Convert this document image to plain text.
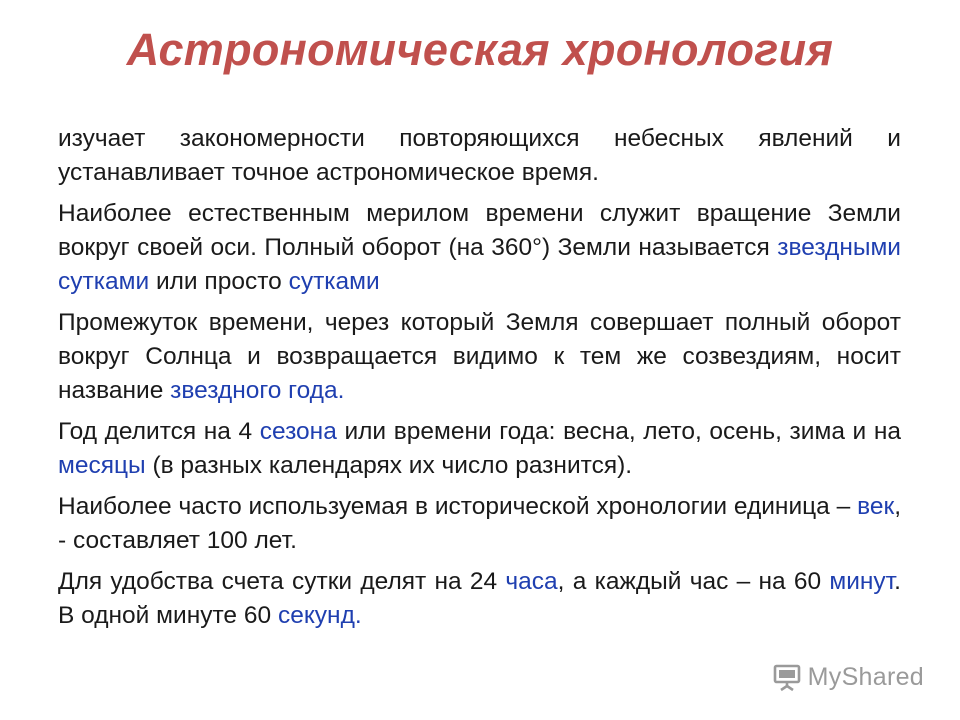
Астрономическая хронология

изучает закономерности повторяющихся небесных явлений и устанавливает точное астрономическое время.

Наиболее естественным мерилом времени служит вращение Земли вокруг своей оси. Полный оборот (на 360°) Земли называется звездными сутками или просто сутками

Промежуток времени, через который Земля совершает полный оборот вокруг Солнца и возвращается видимо к тем же созвездиям, носит название звездного года.

Год делится на 4 сезона или времени года: весна, лето, осень, зима и на месяцы (в разных календарях их число разнится).

Наиболее часто используемая в исторической хронологии единица – век, - составляет 100 лет.

Для удобства счета сутки делят на 24 часа, а каждый час – на 60 минут. В одной минуте 60 секунд.

MyShared
